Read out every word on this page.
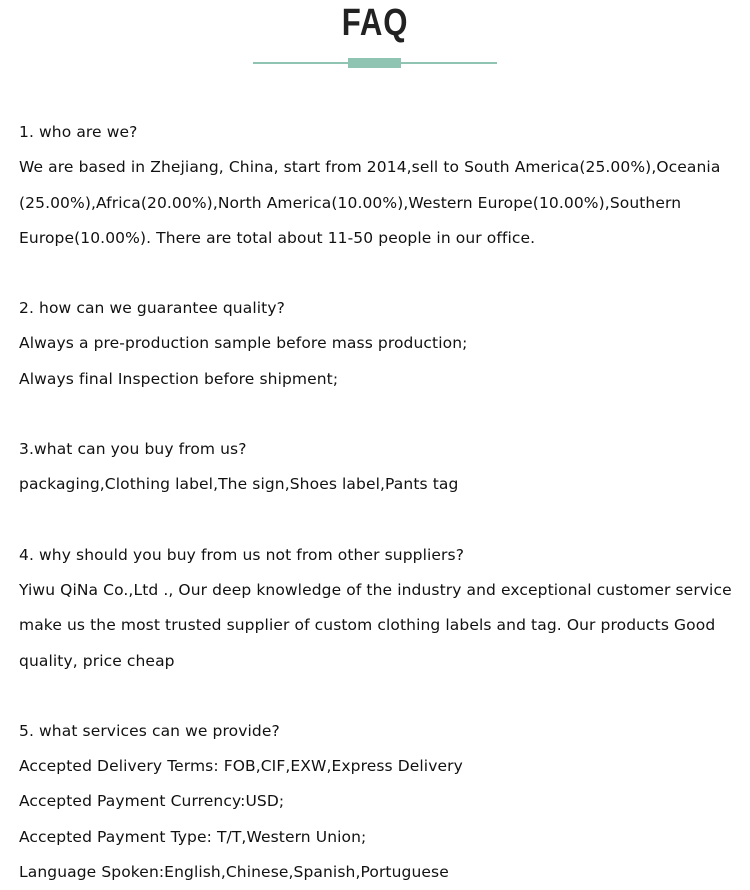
FAQ
1. who are we?
We are based in Zhejiang, China, start from 2014,sell to South America(25.00%),Oceania
(25.00%),Africa(20.00%),North America(10.00%),Western Europe(10.00%),Southern
Europe(10.00%). There are total about 11-50 people in our office.
2. how can we guarantee quality?
Always a pre-production sample before mass production;
Always final Inspection before shipment;
3.what can you buy from us?
packaging,Clothing label,The sign,Shoes label,Pants tag
4. why should you buy from us not from other suppliers?
Yiwu QiNa Co.,Ltd ., Our deep knowledge of the industry and exceptional customer service
make us the most trusted supplier of custom clothing labels and tag. Our products Good
quality, price cheap
5. what services can we provide?
Accepted Delivery Terms: FOB,CIF,EXW,Express Delivery
Accepted Payment Currency:USD;
Accepted Payment Type: T/T,Western Union;
Language Spoken:English,Chinese,Spanish,Portuguese
